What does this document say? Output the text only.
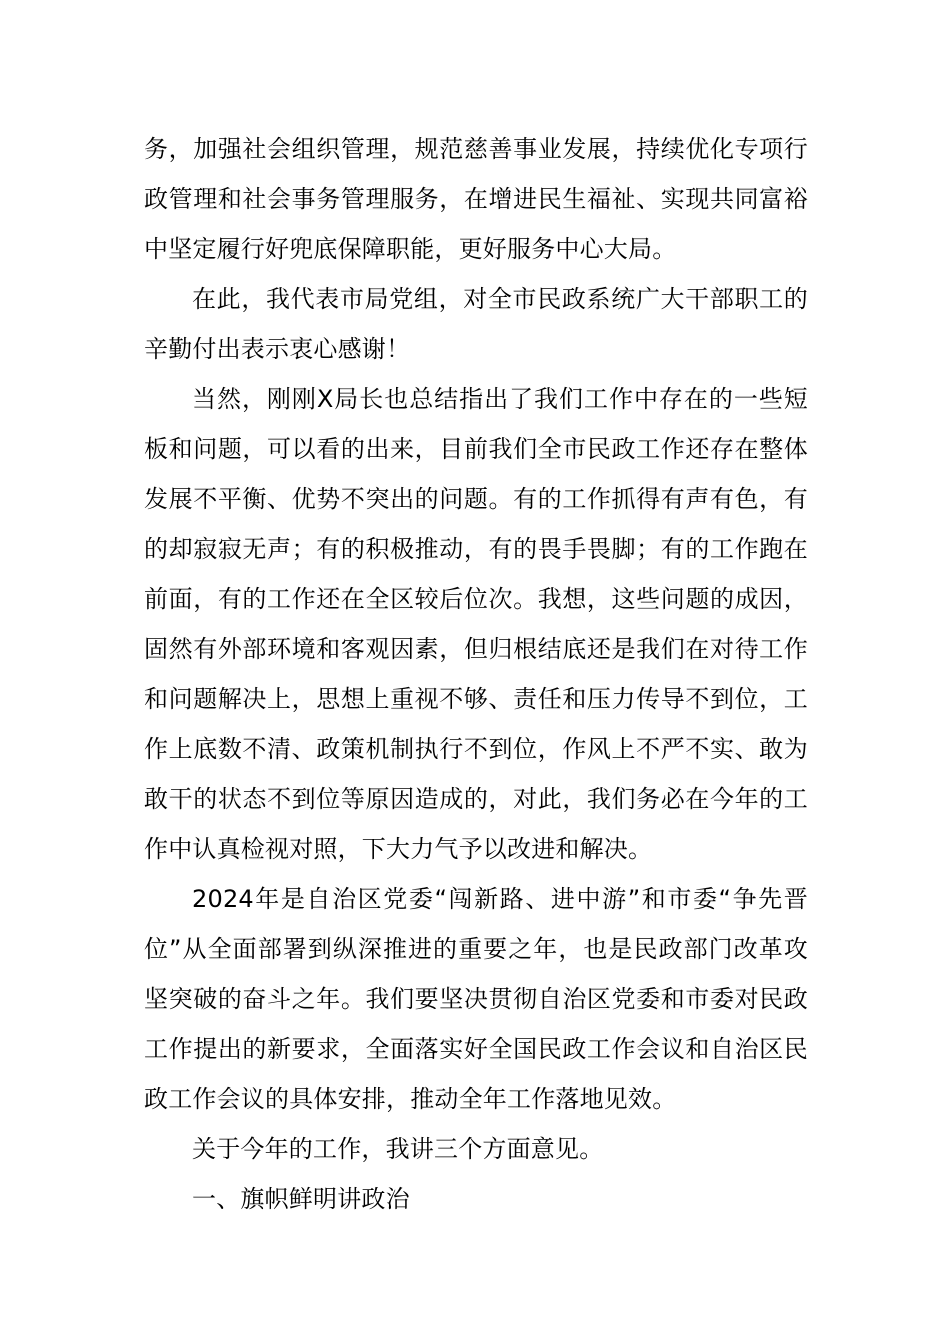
务，加强社会组织管理，规范慈善事业发展，持续优化专项行政管理和社会事务管理服务，在增进民生福祉、实现共同富裕中坚定履行好兜底保障职能，更好服务中心大局。

在此，我代表市局党组，对全市民政系统广大干部职工的辛勤付出表示衷心感谢！

当然，刚刚X局长也总结指出了我们工作中存在的一些短板和问题，可以看的出来，目前我们全市民政工作还存在整体发展不平衡、优势不突出的问题。有的工作抓得有声有色，有的却寂寂无声；有的积极推动，有的畏手畏脚；有的工作跑在前面，有的工作还在全区较后位次。我想，这些问题的成因，固然有外部环境和客观因素，但归根结底还是我们在对待工作和问题解决上，思想上重视不够、责任和压力传导不到位，工作上底数不清、政策机制执行不到位，作风上不严不实、敢为敢干的状态不到位等原因造成的，对此，我们务必在今年的工作中认真检视对照，下大力气予以改进和解决。

2024年是自治区党委“闯新路、进中游”和市委“争先晋位”从全面部署到纵深推进的重要之年，也是民政部门改革攻坚突破的奋斗之年。我们要坚决贯彻自治区党委和市委对民政工作提出的新要求，全面落实好全国民政工作会议和自治区民政工作会议的具体安排，推动全年工作落地见效。

关于今年的工作，我讲三个方面意见。

一、旗帜鲜明讲政治
